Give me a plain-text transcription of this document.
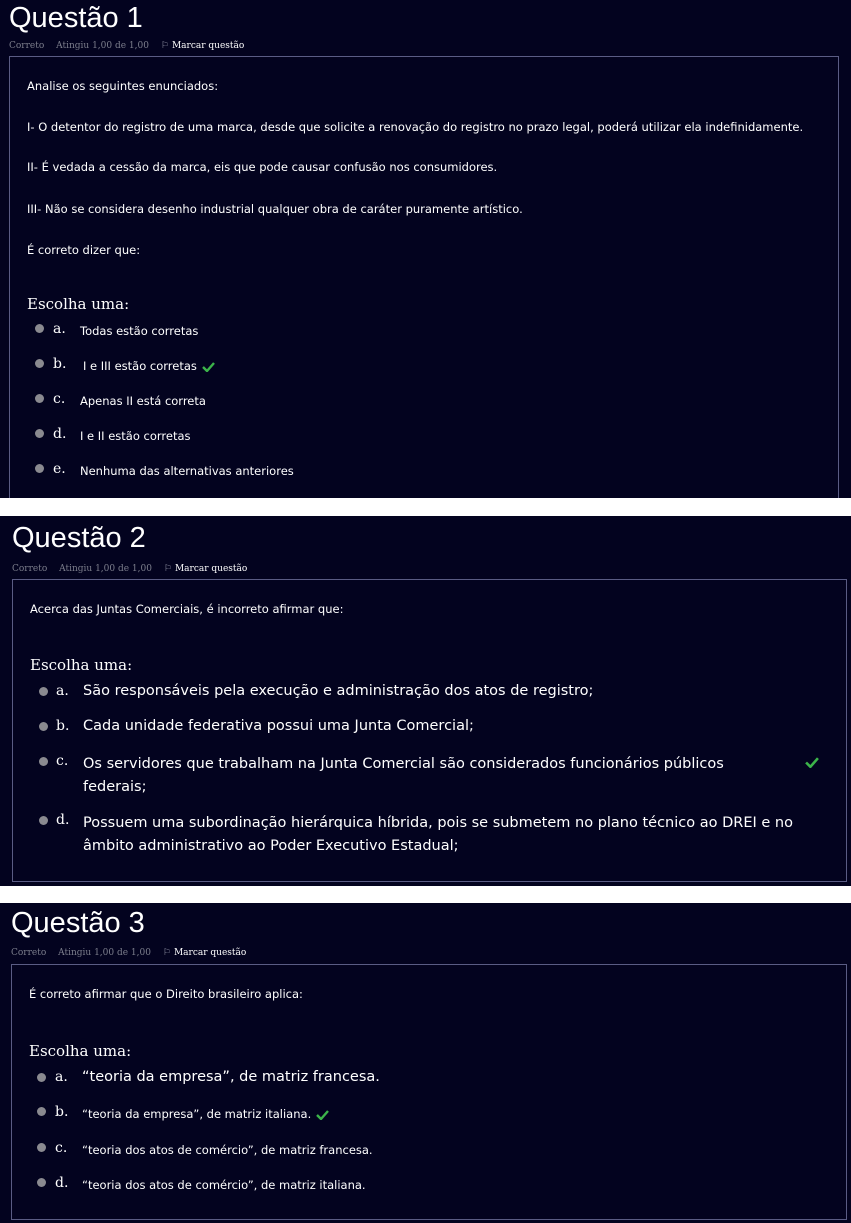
Questão 1
Correto Atingiu 1,00 de 1,00 ⚐ Marcar questão
Analise os seguintes enunciados:
I- O detentor do registro de uma marca, desde que solicite a renovação do registro no prazo legal, poderá utilizar ela indefinidamente.
II- É vedada a cessão da marca, eis que pode causar confusão nos consumidores.
III- Não se considera desenho industrial qualquer obra de caráter puramente artístico.
É correto dizer que:
Escolha uma:
a. Todas estão corretas
b. I e III estão corretas
c. Apenas II está correta
d. I e II estão corretas
e. Nenhuma das alternativas anteriores
Questão 2
Correto Atingiu 1,00 de 1,00 ⚐ Marcar questão
Acerca das Juntas Comerciais, é incorreto afirmar que:
Escolha uma:
a. São responsáveis pela execução e administração dos atos de registro;
b. Cada unidade federativa possui uma Junta Comercial;
c. Os servidores que trabalham na Junta Comercial são considerados funcionários públicos
federais;
d. Possuem uma subordinação hierárquica híbrida, pois se submetem no plano técnico ao DREI e no
âmbito administrativo ao Poder Executivo Estadual;
Questão 3
Correto Atingiu 1,00 de 1,00 ⚐ Marcar questão
É correto afirmar que o Direito brasileiro aplica:
Escolha uma:
a. “teoria da empresa”, de matriz francesa.
b. “teoria da empresa”, de matriz italiana.
c. “teoria dos atos de comércio”, de matriz francesa.
d. “teoria dos atos de comércio”, de matriz italiana.
